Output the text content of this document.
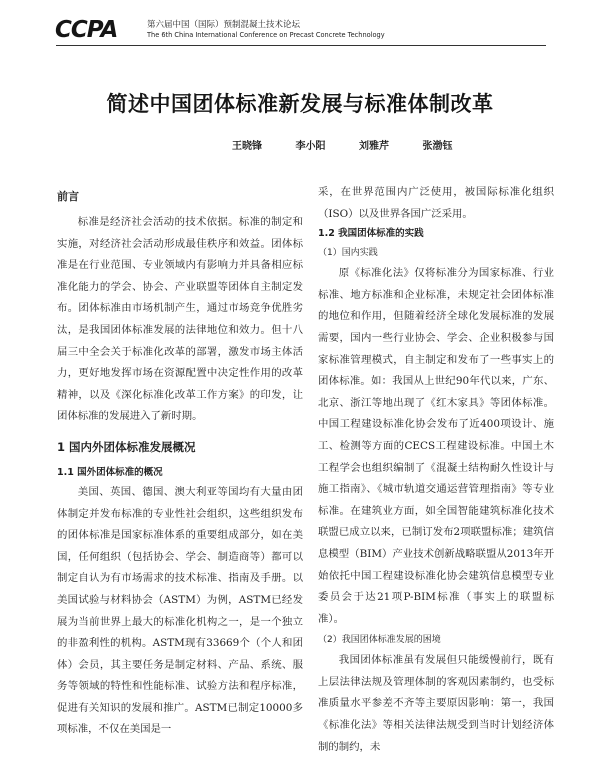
CCPA	第六届中国（国际）预制混凝土技术论坛
The 6th China International Conference on Precast Concrete Technology
简述中国团体标准新发展与标准体制改革
王晓锋	李小阳	刘雅芹	张渤钰
前言

标准是经济社会活动的技术依据。标准的制定和实施，对经济社会活动形成最佳秩序和效益。团体标准是在行业范围、专业领域内有影响力并具备相应标准化能力的学会、协会、产业联盟等团体自主制定发布。团体标准由市场机制产生，通过市场竞争优胜劣汰，是我国团体标准发展的法律地位和效力。但十八届三中全会关于标准化改革的部署，激发市场主体活力，更好地发挥市场在资源配置中决定性作用的改革精神，以及《深化标准化改革工作方案》的印发，让团体标准的发展进入了新时期。

1 国内外团体标准发展概况
1.1 国外团体标准的概况

美国、英国、德国、澳大利亚等国均有大量由团体制定并发布标准的专业性社会组织，这些组织发布的团体标准是国家标准体系的重要组成部分，如在美国，任何组织（包括协会、学会、制造商等）都可以制定自认为有市场需求的技术标准、指南及手册。以美国试验与材料协会（ASTM）为例，ASTM已经发展为当前世界上最大的标准化机构之一，是一个独立的非盈利性的机构。ASTM现有33669个（个人和团体）会员，其主要任务是制定材料、产品、系统、服务等领域的特性和性能标准、试验方法和程序标准，促进有关知识的发展和推广。ASTM已制定10000多项标准，不仅在美国是一

采，在世界范围内广泛使用，被国际标准化组织（ISO）以及世界各国广泛采用。

1.2 我国团体标准的实践
（1）国内实践

原《标准化法》仅将标准分为国家标准、行业标准、地方标准和企业标准，未规定社会团体标准的地位和作用，但随着经济全球化发展标准的发展需要，国内一些行业协会、学会、企业积极参与国家标准管理模式，自主制定和发布了一些事实上的团体标准。如：我国从上世纪90年代以来，广东、北京、浙江等地出现了《红木家具》等团体标准。中国工程建设标准化协会发布了近400项设计、施工、检测等方面的CECS工程建设标准。中国土木工程学会也组织编制了《混凝土结构耐久性设计与施工指南》、《城市轨道交通运营管理指南》等专业标准。在建筑业方面，如全国智能建筑标准化技术联盟已成立以来，已制订发布2项联盟标准；建筑信息模型（BIM）产业技术创新战略联盟从2013年开始依托中国工程建设标准化协会建筑信息模型专业委员会于达21项P-BIM标准（事实上的联盟标准）。

（2）我国团体标准发展的困境

我国团体标准虽有发展但只能缓慢前行，既有上层法律法规及管理体制的客观因素制约，也受标准质量水平参差不齐等主要原因影响：第一，我国《标准化法》等相关法律法规受到当时计划经济体制的制约，未
